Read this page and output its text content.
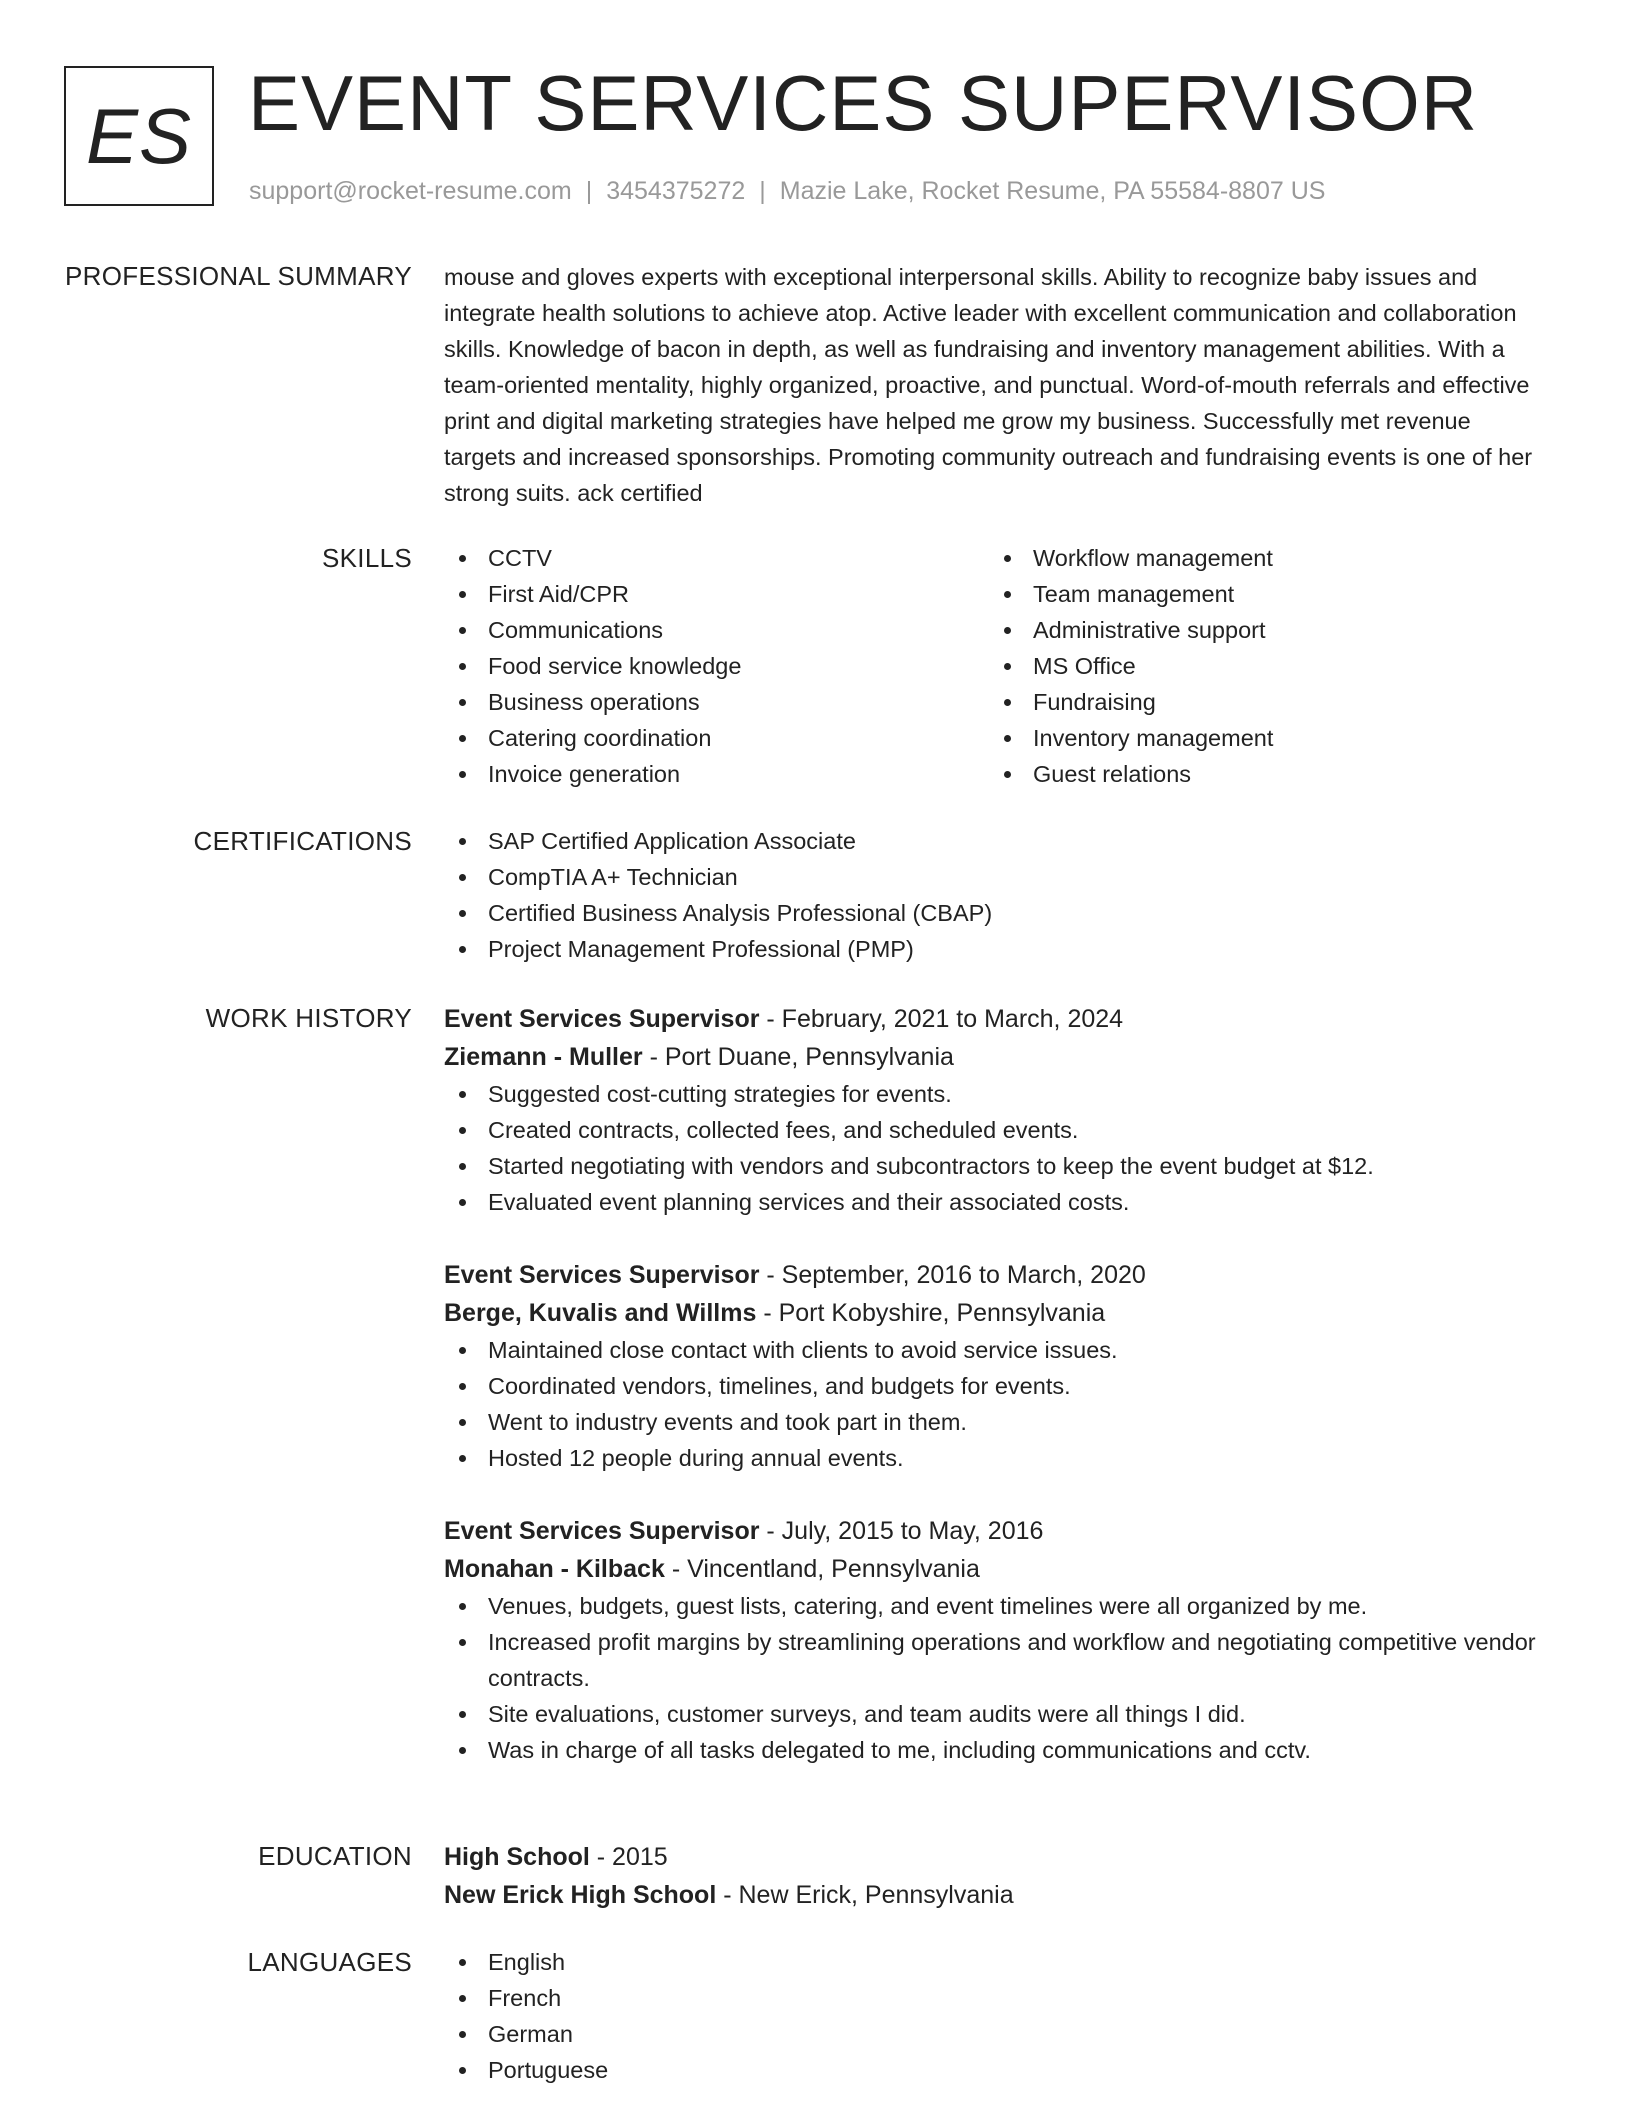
ES EVENT SERVICES SUPERVISOR
support@rocket-resume.com | 3454375272 | Mazie Lake, Rocket Resume, PA 55584-8807 US
PROFESSIONAL SUMMARY mouse and gloves experts with exceptional interpersonal skills. Ability to recognize baby issues and integrate health solutions to achieve atop. Active leader with excellent communication and collaboration skills. Knowledge of bacon in depth, as well as fundraising and inventory management abilities. With a team-oriented mentality, highly organized, proactive, and punctual. Word-of-mouth referrals and effective print and digital marketing strategies have helped me grow my business. Successfully met revenue targets and increased sponsorships. Promoting community outreach and fundraising events is one of her strong suits. ack certified

SKILLS	CCTV
First Aid/CPR
Communications
Food service knowledge
Business operations
Catering coordination
Invoice generation
Workflow management
Team management
Administrative support
MS Office
Fundraising
Inventory management
Guest relations
CERTIFICATIONS	SAP Certified Application Associate
CompTIA A+ Technician
Certified Business Analysis Professional (CBAP)
Project Management Professional (PMP)
WORK HISTORY Event Services Supervisor - February, 2021 to March, 2024
Ziemann - Muller - Port Duane, Pennsylvania
Suggested cost-cutting strategies for events.
Created contracts, collected fees, and scheduled events.
Started negotiating with vendors and subcontractors to keep the event budget at $12.
Evaluated event planning services and their associated costs.
Event Services Supervisor - September, 2016 to March, 2020
Berge, Kuvalis and Willms - Port Kobyshire, Pennsylvania
Maintained close contact with clients to avoid service issues.
Coordinated vendors, timelines, and budgets for events.
Went to industry events and took part in them.
Hosted 12 people during annual events.
Event Services Supervisor - July, 2015 to May, 2016
Monahan - Kilback - Vincentland, Pennsylvania
Venues, budgets, guest lists, catering, and event timelines were all organized by me.
Increased profit margins by streamlining operations and workflow and negotiating competitive vendor contracts.
Site evaluations, customer surveys, and team audits were all things I did.
Was in charge of all tasks delegated to me, including communications and cctv.
EDUCATION High School - 2015
New Erick High School - New Erick, Pennsylvania
LANGUAGES	English
French
German
Portuguese
